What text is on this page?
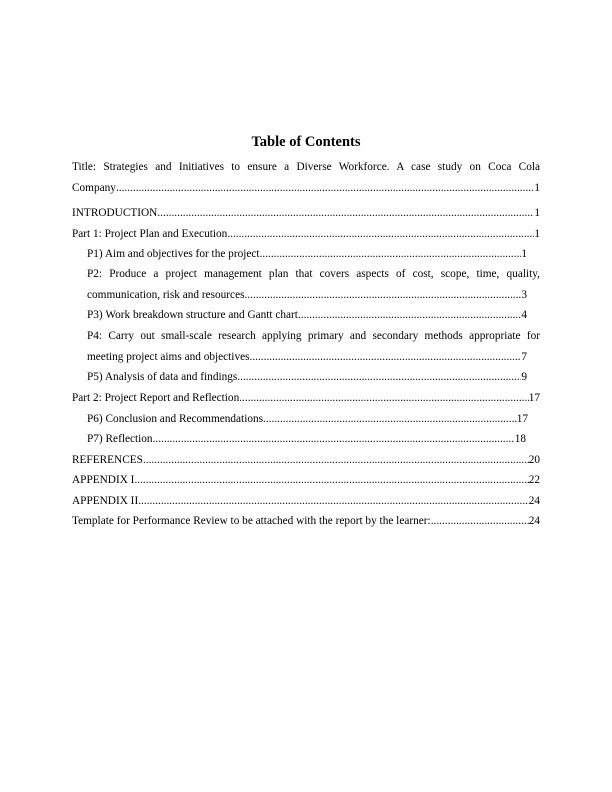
Table of Contents
Title: Strategies and Initiatives to ensure a Diverse Workforce. A case study on Coca Cola
Company .....	1
INTRODUCTION .....	1
Part 1: Project Plan and Execution .....	1
P1) Aim and objectives for the project .....	1
P2: Produce a project management plan that covers aspects of cost, scope, time, quality,
communication, risk and resources .....	3
P3) Work breakdown structure and Gantt chart .....	4
P4: Carry out small-scale research applying primary and secondary methods appropriate for
meeting project aims and objectives .....	7
P5) Analysis of data and findings .....	9
Part 2: Project Report and Reflection .....	17
P6) Conclusion and Recommendations .....	17
P7) Reflection .....	18
REFERENCES .....	20
APPENDIX I .....	22
APPENDIX II .....	24
Template for Performance Review to be attached with the report by the learner: .....	24
